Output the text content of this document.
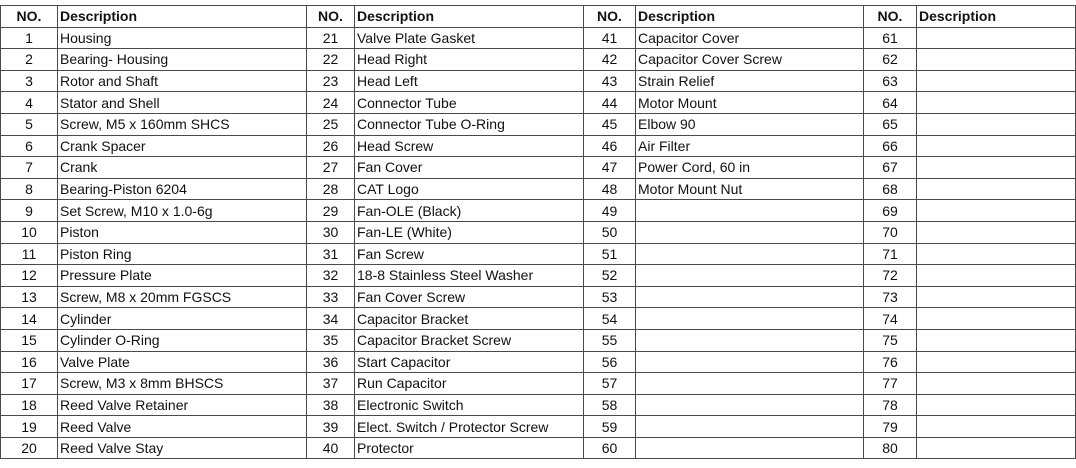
NO.	Description	NO.	Description	NO.	Description	NO.	Description
1	Housing	21	Valve Plate Gasket	41	Capacitor Cover	61	
2	Bearing- Housing	22	Head Right	42	Capacitor Cover Screw	62	
3	Rotor and Shaft	23	Head Left	43	Strain Relief	63	
4	Stator and Shell	24	Connector Tube	44	Motor Mount	64	
5	Screw, M5 x 160mm SHCS	25	Connector Tube O-Ring	45	Elbow 90	65	
6	Crank Spacer	26	Head Screw	46	Air Filter	66	
7	Crank	27	Fan Cover	47	Power Cord, 60 in	67	
8	Bearing-Piston 6204	28	CAT Logo	48	Motor Mount Nut	68	
9	Set Screw, M10 x 1.0-6g	29	Fan-OLE (Black)	49		69	
10	Piston	30	Fan-LE (White)	50		70	
11	Piston Ring	31	Fan Screw	51		71	
12	Pressure Plate	32	18-8 Stainless Steel Washer	52		72	
13	Screw, M8 x 20mm FGSCS	33	Fan Cover Screw	53		73	
14	Cylinder	34	Capacitor Bracket	54		74	
15	Cylinder O-Ring	35	Capacitor Bracket Screw	55		75	
16	Valve Plate	36	Start Capacitor	56		76	
17	Screw, M3 x 8mm BHSCS	37	Run Capacitor	57		77	
18	Reed Valve Retainer	38	Electronic Switch	58		78	
19	Reed Valve	39	Elect. Switch / Protector Screw	59		79	
20	Reed Valve Stay	40	Protector	60		80	
